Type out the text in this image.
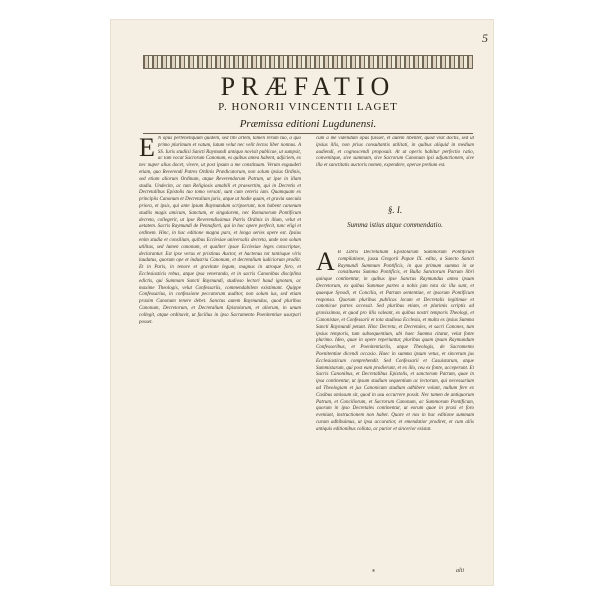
5
PRÆFATIO
P. HONORII VINCENTII LAGET
Præmissa editioni Lugdunensi.
E N opus pertenetiquum quidem, sed tibi artem, tamen rerum tuo, a quo primo plurimum et vatum, lutum velut nec velit lectos liber nonnus. A SS. Iuris studiisi Sancti Raymundi antiquo novisit publicae, ut sumpsit, ac tam vocat Sacrorum Canonum, es quibus antea habent, adjiciem, ex nec nuper alius docet, vivere, ut post ipsum a me constituam. Verum exgaudeti etiam, quo Reverendi Patres Ordinis Prædicatorum, non solum ipsius Ordinis, sed etiam aliorum Ordinum, atque Reverendorum Patrum, ut ipse in illam studia. Undecim, ac tum Religiosis amabili et praesertim, qui in Decretis et Decretalibus Epistolis tuo tomo versati, sunt cum ceteris iam. Quamquam ex principiis Canonum et Decretalium juris, atque ut hodie quam, et gravia saecula priora, et ipsis, qui ante ipsum Raymundum scripserunt, non habent canonum studiis magis amicum, Sanctum, et singularem, nec Romanorum Pontificum decreta, collegerit, ut ipse Reverendissimus Patris Ordinis in illum, velut et aetatem. Sacris Raymundi de Pennaforti, qui in hoc opere perfecit, tunc eligi et ordinem. Hinc, in hac editione magna pars, et longa series opere est. Ipsius enim studia et consilium, quibus Ecclesiae universalis decreta, unde non solum utilitas, sed lumen canonum, et qualiter ipsae Ecclesiae leges conscriptae, declarantur. Est ipse verus et pristinus Auctor, et hactenus tot tantisque viris laudatus, quorum ope et industria Canonum, et decretalium iudiciorum prodiit. Et in Paris, in tenore et gravitate legum, magnus in utroque foro, et Ecclesiasticis rebus, atque ipsa veneranda, et in sacris Canonibus disciplina edictis, qui Summam Sancti Raymundi, studioso lectori haud ignotam, ac maxime Theologis, velut Confessariis, commendabilem existimant. Quippe Confessarius, in confessione peccatorum auditor, non solum ius, sed etiam praxim Canonum tenere debet. Sanctus autem Raymundus, quod pluribus Canonum, Decretorum, et Decretalium Epistolarum, et aliorum, in unum collegit, atque ordinavit, ut facilius in ipso Sacramento Poenitentiae usurpari posset.
cum a me videndum opus fuisset, et autem libenter, quod visit doctis, sed ut ipsius illis, non prius consultantis utilitati, in quibus aliquid in medium audiendi, et cognoscendi proposuit. At ut operis habitur perfectio ratio, convenitque, sive summam, sive Sacrorum Canonum ipsi adjunctionem, sive illa et sanctitatis auctoris nomen, expendere, operae pretium est.
§. I.
Summa istius atque commendatio.
A B Libris Decretalium Epistolarum Summorum Pontificum compilatione, jussu Gregorii Papae IX. edita, a Sancto Sancti Raymundi Summum Pontificis, in quo primum summa in se constituens Summa Pontificis, et Bulla Sanctorum Patrum libri quinque continentur, in quibus ipse Sanctus Raymundus antea ipsum Decretorum, ex quibus Summae partes a nobis jam tota sic illa sunt, et quaeque Synodi, et Concilia, et Patrum sententiae, et ipsorum Pontificum responsa. Quorum pluribus publicas locum et Decretalis legitimae et canonicae partes accessit. Sed pluribus etiam, et plurimis scriptis ad gravissimas, et quod pro illis valeant, ex quibus nostri temporis Theologi, et Canonistae, et Confessarii et tota studiosa Ecclesia, et multa ex ipsius Summa Sancti Raymundi petunt. Hinc Decreta, et Decretales, et sacri Canones, tum ipsius temporis, tum subsequentium, ubi haec Summa citatur, velut fonte plurimo. Ideo, quae in opere reperiuntur, pluribus quam ipsum Raymundum Confessoribus, et Poenitentiariis, atque Theologis, de Sacramento Poenitentiae dicendi occasio. Haec in summa ipsum vetus, et sincerum jus Ecclesiasticum comprehendit. Sed Confessarii et Casuistarum, atque Summistarum, qui post eum prodierunt, et ex illo, ceu ex fonte, acceperunt. Et Sacris Canonibus, et Decretalibus Epistolis, et sanctorum Patrum, quae in ipsa continentur, ut ipsum studium sequentium ac lectorum, qui necessarium ad Theologiam et jus Canonicum studium adhibere volunt, nullum fere ex Casibus omissum sit, quod in usu occurrere possit. Nec tamen de antiquorum Patrum, et Conciliorum, et Sacrorum Canonum, ac Summorum Pontificum, quorum in ipso Decretales continentur, ut eorum quae in praxi et foro eveniunt, instructionem non habet. Quare et nos in hac editione summam curam adhibuimus, ut ipsa accuratior, et emendatior prodiret, et cum aliis antiquis editionibus collata, ac purior et sincerior existat.
*	alii
